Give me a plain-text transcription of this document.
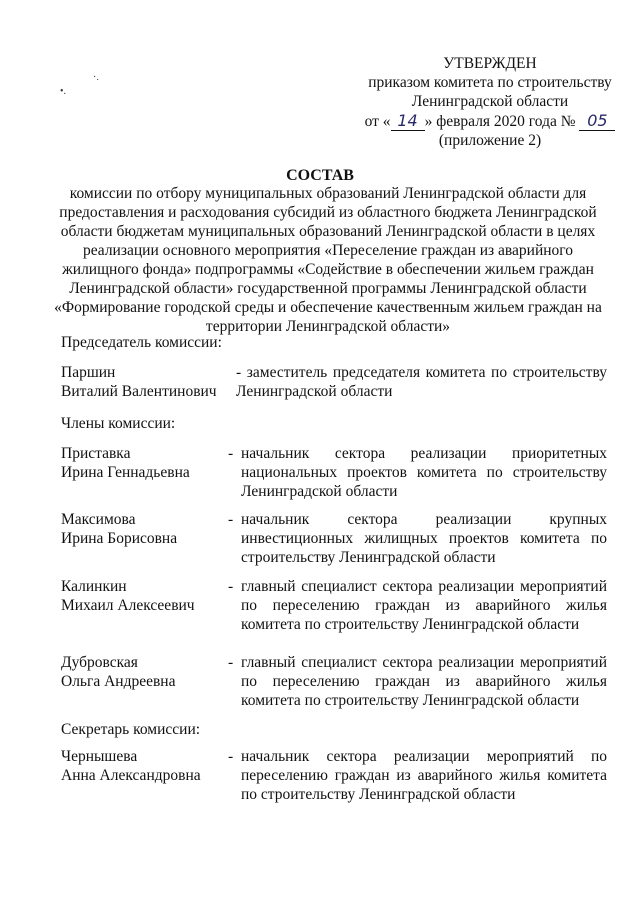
·
˙
•.
УТВЕРЖДЕН
приказом комитета по строительству
Ленинградской области
от « 14 » февраля 2020 года № 05
(приложение 2)
СОСТАВ
комиссии по отбору муниципальных образований Ленинградской области для предоставления и расходования субсидий из областного бюджета Ленинградской области бюджетам муниципальных образований Ленинградской области в целях реализации основного мероприятия «Переселение граждан из аварийного жилищного фонда» подпрограммы «Содействие в обеспечении жильем граждан Ленинградской области» государственной программы Ленинградской области «Формирование городской среды и обеспечение качественным жильем граждан на территории Ленинградской области»
Председатель комиссии:
Паршин
Виталий Валентинович
- заместитель председателя комитета по строительству Ленинградской области
Члены комиссии:
Приставка
Ирина Геннадьевна
- начальник сектора реализации приоритетных национальных проектов комитета по строительству Ленинградской области
Максимова
Ирина Борисовна
- начальник сектора реализации крупных инвестиционных жилищных проектов комитета по строительству Ленинградской области
Калинкин
Михаил Алексеевич
- главный специалист сектора реализации мероприятий по переселению граждан из аварийного жилья комитета по строительству Ленинградской области
Дубровская
Ольга Андреевна
- главный специалист сектора реализации мероприятий по переселению граждан из аварийного жилья комитета по строительству Ленинградской области
Секретарь комиссии:
Чернышева
Анна Александровна
- начальник сектора реализации мероприятий по переселению граждан из аварийного жилья комитета по строительству Ленинградской области
